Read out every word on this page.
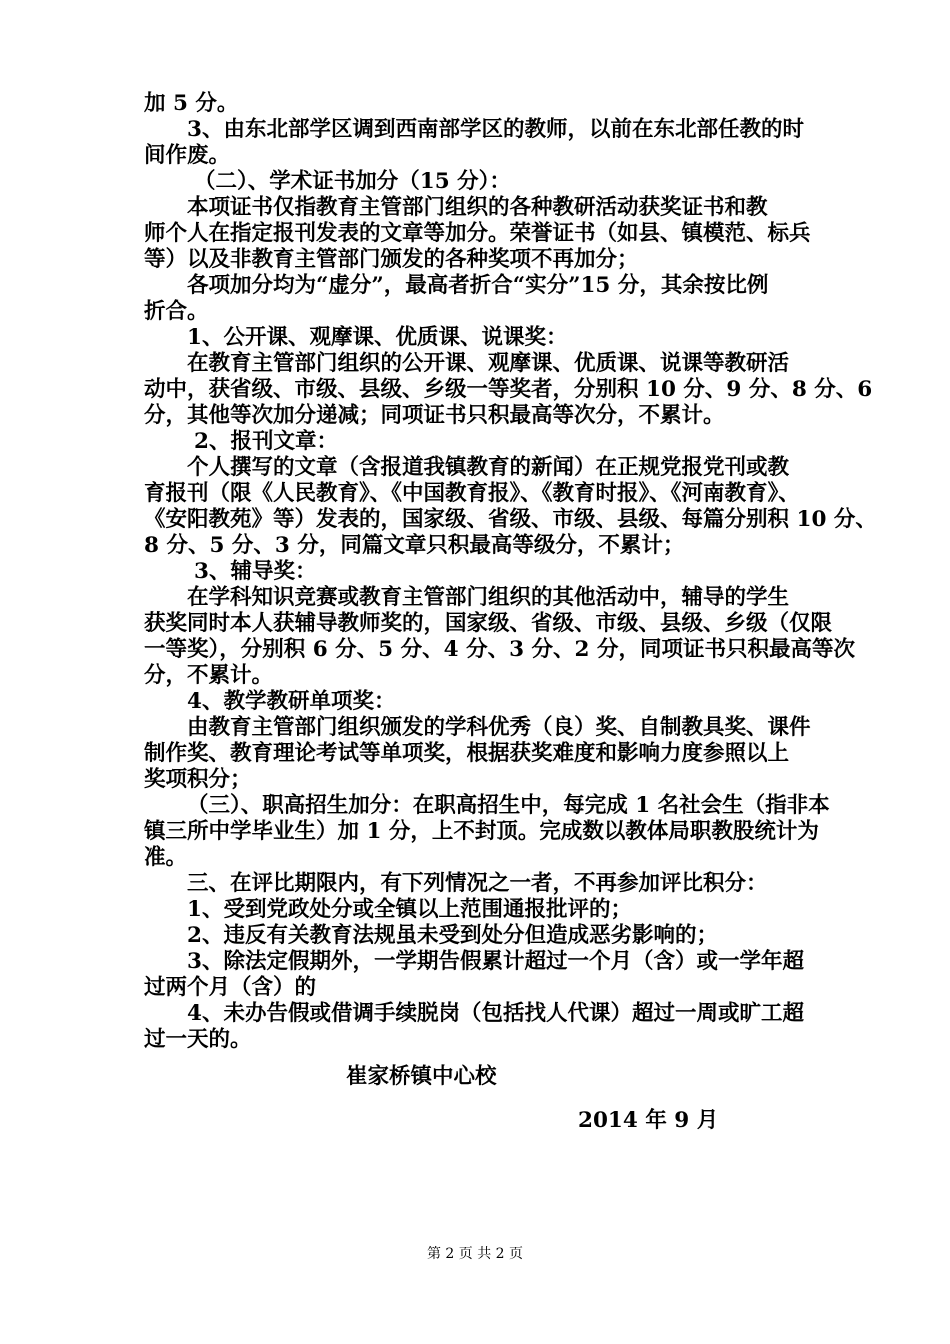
加 5 分。
3、由东北部学区调到西南部学区的教师，以前在东北部任教的时
间作废。
（二）、学术证书加分（15 分）：
本项证书仅指教育主管部门组织的各种教研活动获奖证书和教
师个人在指定报刊发表的文章等加分。荣誉证书（如县、镇模范、标兵
等）以及非教育主管部门颁发的各种奖项不再加分；
各项加分均为“虚分”，最高者折合“实分”15 分，其余按比例
折合。
1、公开课、观摩课、优质课、说课奖：
在教育主管部门组织的公开课、观摩课、优质课、说课等教研活
动中，获省级、市级、县级、乡级一等奖者，分别积 10 分、9 分、8 分、6
分，其他等次加分递减；同项证书只积最高等次分，不累计。
2、报刊文章：
个人撰写的文章（含报道我镇教育的新闻）在正规党报党刊或教
育报刊（限《人民教育》、《中国教育报》、《教育时报》、《河南教育》、
《安阳教苑》等）发表的，国家级、省级、市级、县级、每篇分别积 10 分、
8 分、5 分、3 分，同篇文章只积最高等级分，不累计；
3、辅导奖：
在学科知识竞赛或教育主管部门组织的其他活动中，辅导的学生
获奖同时本人获辅导教师奖的，国家级、省级、市级、县级、乡级（仅限
一等奖），分别积 6 分、5 分、4 分、3 分、2 分，同项证书只积最高等次
分，不累计。
4、教学教研单项奖：
由教育主管部门组织颁发的学科优秀（良）奖、自制教具奖、课件
制作奖、教育理论考试等单项奖，根据获奖难度和影响力度参照以上
奖项积分；
（三）、职高招生加分：在职高招生中，每完成 1 名社会生（指非本
镇三所中学毕业生）加 1 分，上不封顶。完成数以教体局职教股统计为
准。
三、在评比期限内，有下列情况之一者，不再参加评比积分：
1、受到党政处分或全镇以上范围通报批评的；
2、违反有关教育法规虽未受到处分但造成恶劣影响的；
3、除法定假期外，一学期告假累计超过一个月（含）或一学年超
过两个月（含）的
4、未办告假或借调手续脱岗（包括找人代课）超过一周或旷工超
过一天的。
崔家桥镇中心校
2014 年 9 月
第 2 页 共 2 页
